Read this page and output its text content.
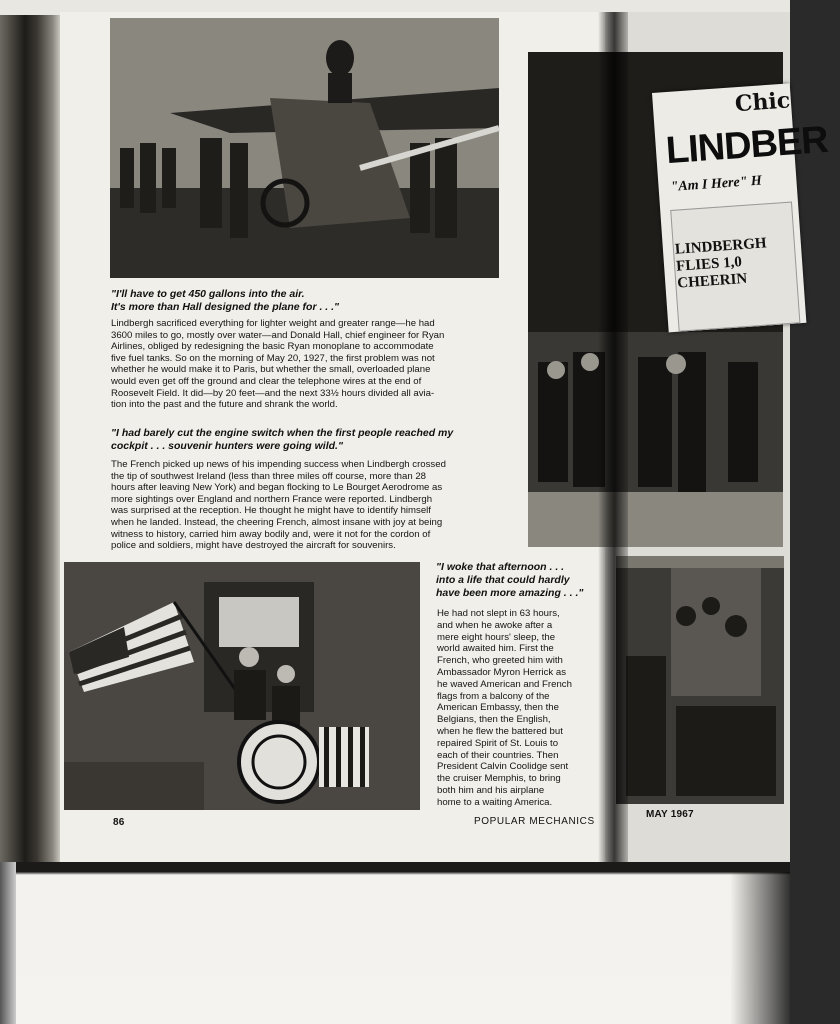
"I'll have to get 450 gallons into the air.
It's more than Hall designed the plane for . . ."
Lindbergh sacrificed everything for lighter weight and greater range—he had
3600 miles to go, mostly over water—and Donald Hall, chief engineer for Ryan
Airlines, obliged by redesigning the basic Ryan monoplane to accommodate
five fuel tanks. So on the morning of May 20, 1927, the first problem was not
whether he would make it to Paris, but whether the small, overloaded plane
would even get off the ground and clear the telephone wires at the end of
Roosevelt Field. It did—by 20 feet—and the next 33½ hours divided all avia-
tion into the past and the future and shrank the world.
"I had barely cut the engine switch when the first people reached my
cockpit . . . souvenir hunters were going wild."
The French picked up news of his impending success when Lindbergh crossed
the tip of southwest Ireland (less than three miles off course, more than 28
hours after leaving New York) and began flocking to Le Bourget Aerodrome as
more sightings over England and northern France were reported. Lindbergh
was surprised at the reception. He thought he might have to identify himself
when he landed. Instead, the cheering French, almost insane with joy at being
witness to history, carried him away bodily and, were it not for the cordon of
police and soldiers, might have destroyed the aircraft for souvenirs.
Chic
LINDBER
"Am I Here" H
LINDBERGH
FLIES 1,0
CHEERIN
"I woke that afternoon . . .
into a life that could hardly
have been more amazing . . ."
He had not slept in 63 hours,
and when he awoke after a
mere eight hours' sleep, the
world awaited him. First the
French, who greeted him with
Ambassador Myron Herrick as
he waved American and French
flags from a balcony of the
American Embassy, then the
Belgians, then the English,
when he flew the battered but
repaired Spirit of St. Louis to
each of their countries. Then
President Calvin Coolidge sent
the cruiser Memphis, to bring
both him and his airplane
home to a waiting America.
86	POPULAR MECHANICS
MAY 1967
